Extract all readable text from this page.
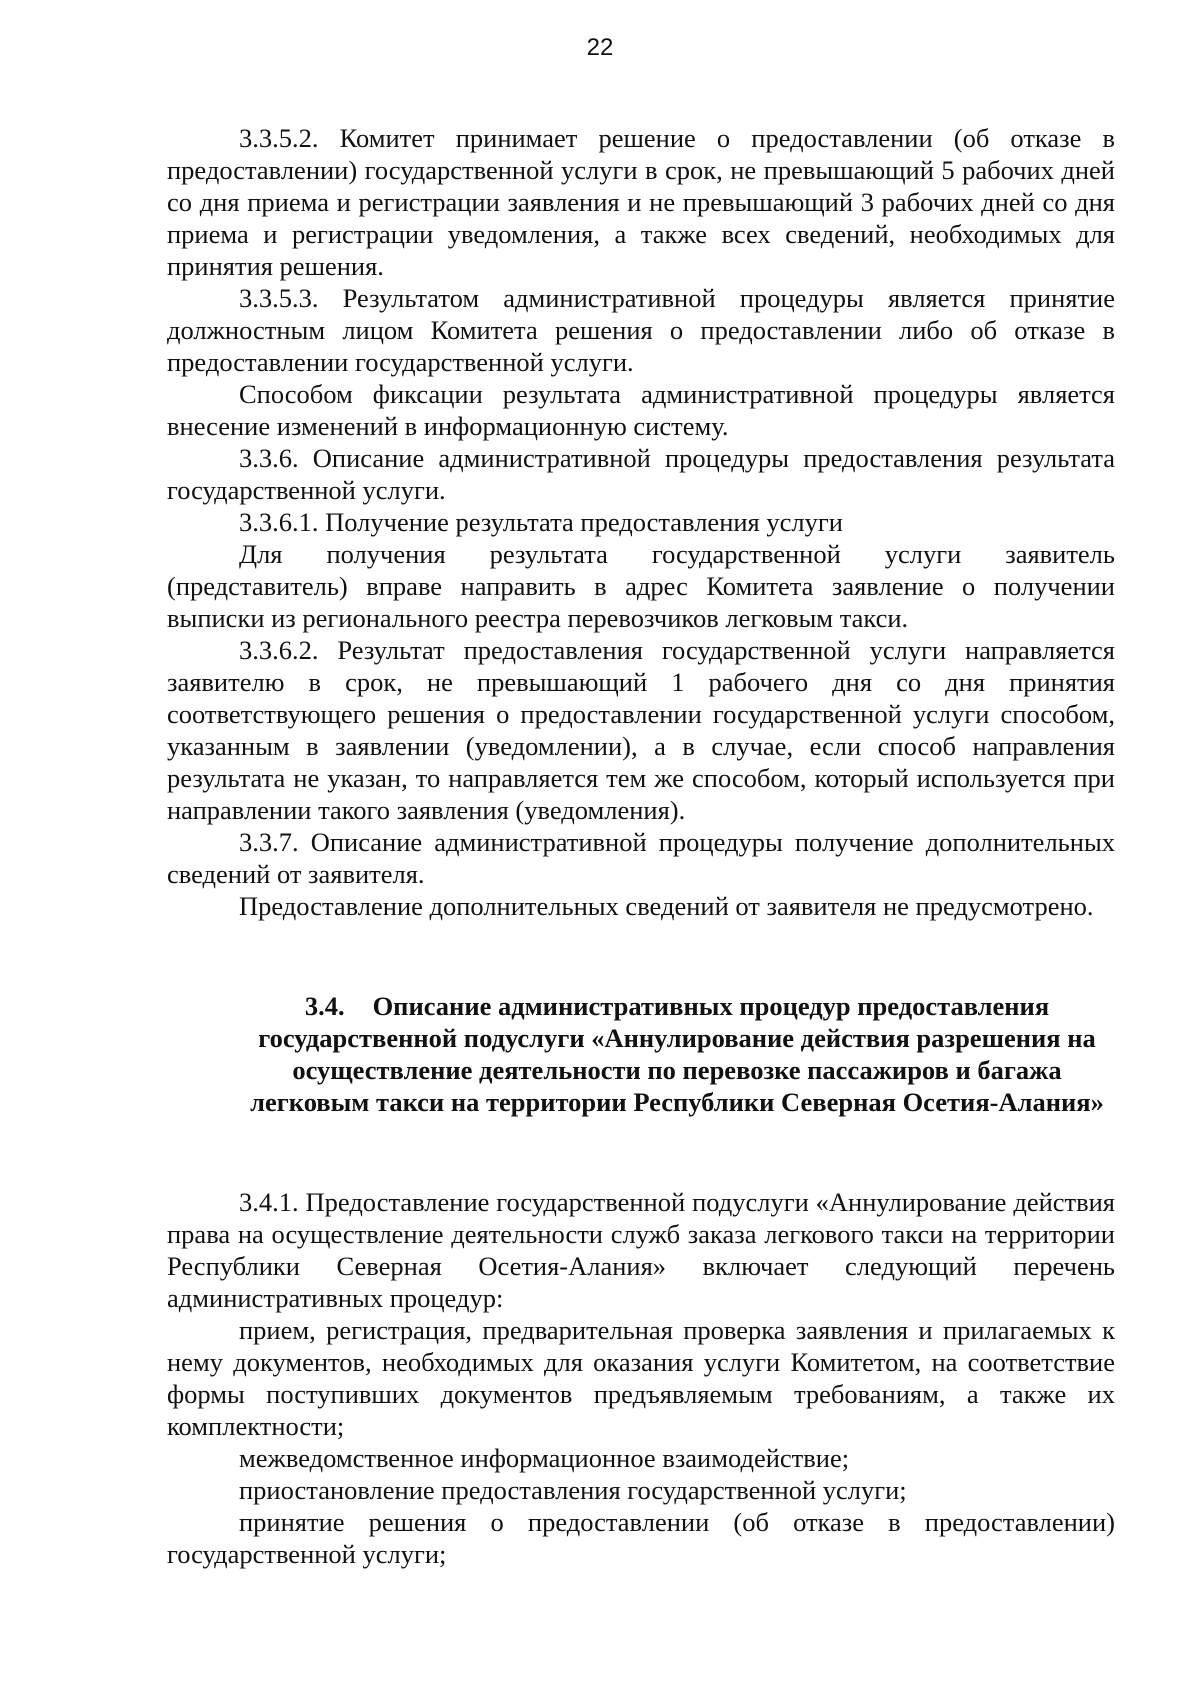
22

3.3.5.2. Комитет принимает решение о предоставлении (об отказе в предоставлении) государственной услуги в срок, не превышающий 5 рабочих дней со дня приема и регистрации заявления и не превышающий 3 рабочих дней со дня приема и регистрации уведомления, а также всех сведений, необходимых для принятия решения.

3.3.5.3. Результатом административной процедуры является принятие должностным лицом Комитета решения о предоставлении либо об отказе в предоставлении государственной услуги.

Способом фиксации результата административной процедуры является внесение изменений в информационную систему.

3.3.6. Описание административной процедуры предоставления результата государственной услуги.

3.3.6.1. Получение результата предоставления услуги

Для получения результата государственной услуги заявитель (представитель) вправе направить в адрес Комитета заявление о получении выписки из регионального реестра перевозчиков легковым такси.

3.3.6.2. Результат предоставления государственной услуги направляется заявителю в срок, не превышающий 1 рабочего дня со дня принятия соответствующего решения о предоставлении государственной услуги способом, указанным в заявлении (уведомлении), а в случае, если способ направления результата не указан, то направляется тем же способом, который используется при направлении такого заявления (уведомления).

3.3.7. Описание административной процедуры получение дополнительных сведений от заявителя.

Предоставление дополнительных сведений от заявителя не предусмотрено.

3.4. Описание административных процедур предоставления государственной подуслуги «Аннулирование действия разрешения на осуществление деятельности по перевозке пассажиров и багажа легковым такси на территории Республики Северная Осетия-Алания»

3.4.1. Предоставление государственной подуслуги «Аннулирование действия права на осуществление деятельности служб заказа легкового такси на территории Республики Северная Осетия-Алания» включает следующий перечень административных процедур:

прием, регистрация, предварительная проверка заявления и прилагаемых к нему документов, необходимых для оказания услуги Комитетом, на соответствие формы поступивших документов предъявляемым требованиям, а также их комплектности;

межведомственное информационное взаимодействие;

приостановление предоставления государственной услуги;

принятие решения о предоставлении (об отказе в предоставлении) государственной услуги;
